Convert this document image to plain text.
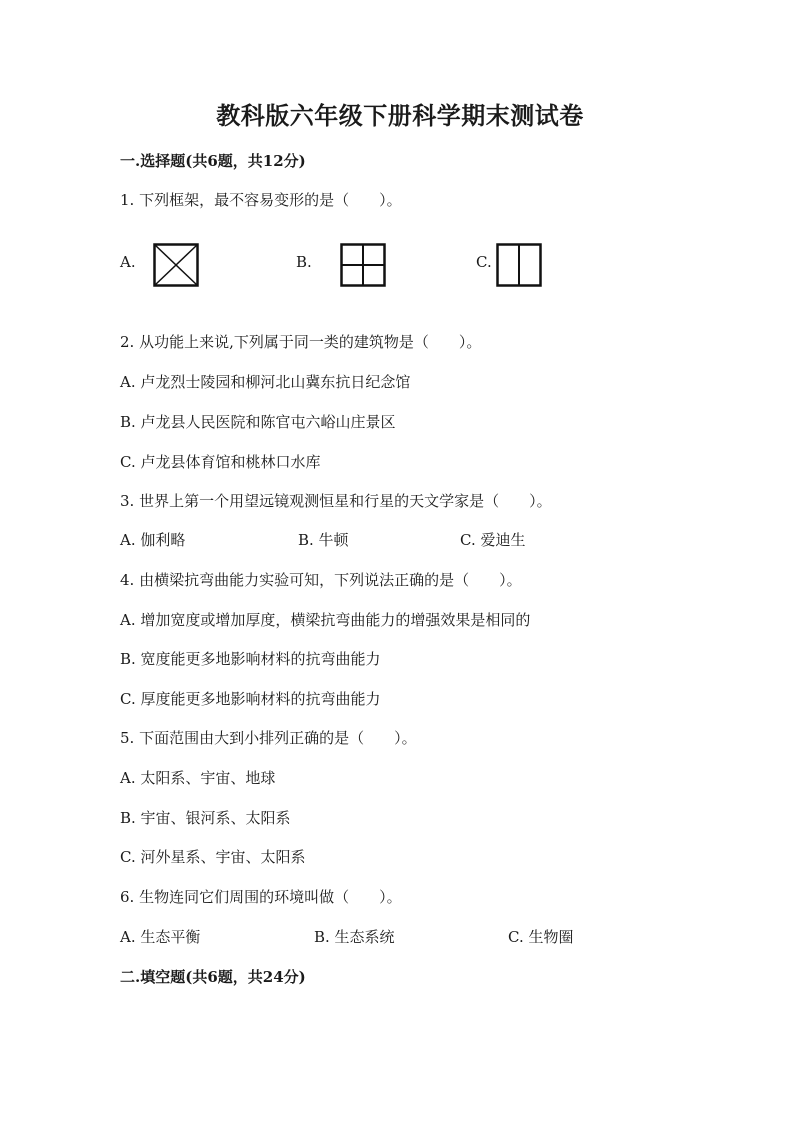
教科版六年级下册科学期末测试卷
一.选择题(共6题，共12分)
1. 下列框架，最不容易变形的是（　　）。
A.	B.	C.
2. 从功能上来说,下列属于同一类的建筑物是（　　）。
A. 卢龙烈士陵园和柳河北山冀东抗日纪念馆
B. 卢龙县人民医院和陈官屯六峪山庄景区
C. 卢龙县体育馆和桃林口水库
3. 世界上第一个用望远镜观测恒星和行星的天文学家是（　　）。
A. 伽利略	B. 牛顿	C. 爱迪生
4. 由横梁抗弯曲能力实验可知，下列说法正确的是（　　）。
A. 增加宽度或增加厚度，横梁抗弯曲能力的增强效果是相同的
B. 宽度能更多地影响材料的抗弯曲能力
C. 厚度能更多地影响材料的抗弯曲能力
5. 下面范围由大到小排列正确的是（　　）。
A. 太阳系、宇宙、地球
B. 宇宙、银河系、太阳系
C. 河外星系、宇宙、太阳系
6. 生物连同它们周围的环境叫做（　　）。
A. 生态平衡	B. 生态系统	C. 生物圈
二.填空题(共6题，共24分)
